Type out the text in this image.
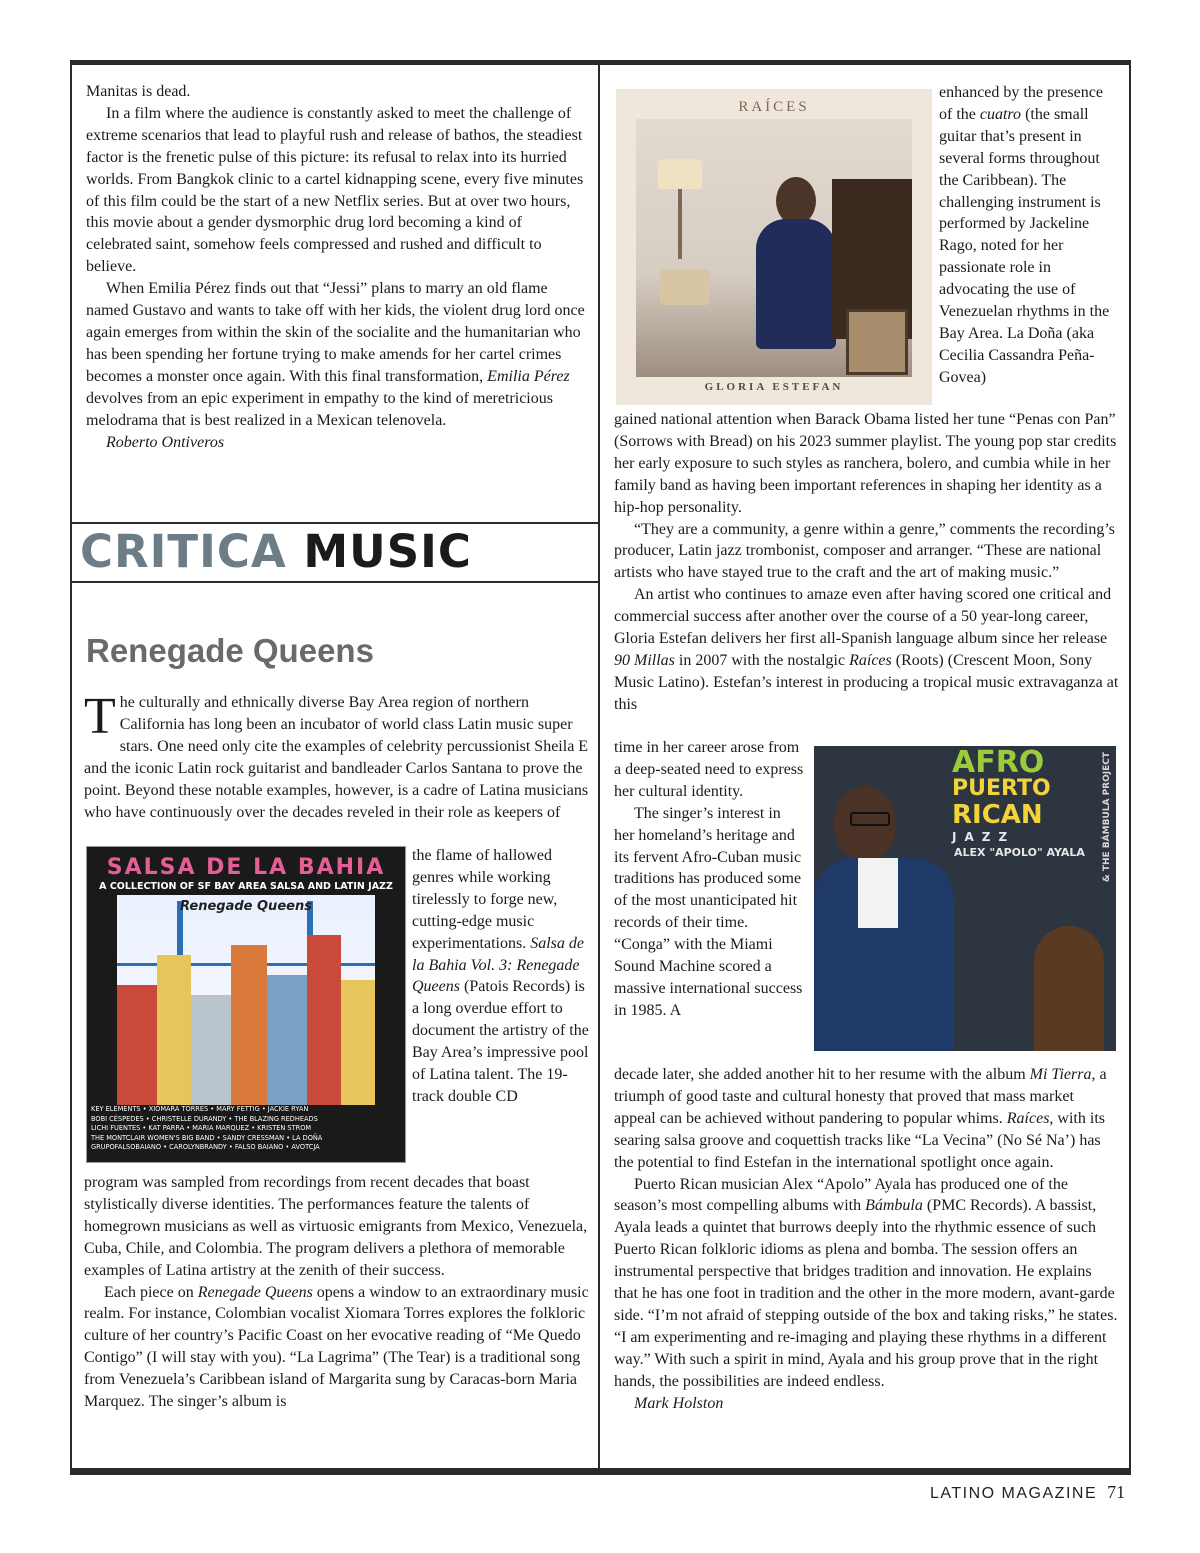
Manitas is dead.

In a film where the audience is constantly asked to meet the challenge of extreme scenarios that lead to playful rush and release of bathos, the steadiest factor is the frenetic pulse of this picture: its refusal to relax into its hurried worlds. From Bangkok clinic to a cartel kidnapping scene, every five minutes of this film could be the start of a new Netflix series. But at over two hours, this movie about a gender dysmorphic drug lord becoming a kind of celebrated saint, somehow feels compressed and rushed and difficult to believe.

When Emilia Pérez finds out that “Jessi” plans to marry an old flame named Gustavo and wants to take off with her kids, the violent drug lord once again emerges from within the skin of the socialite and the humanitarian who has been spending her fortune trying to make amends for her cartel crimes becomes a monster once again. With this final transformation, Emilia Pérez devolves from an epic experiment in empathy to the kind of meretricious melodrama that is best realized in a Mexican telenovela.

Roberto Ontiveros

CRITICA MUSIC
Renegade Queens

The culturally and ethnically diverse Bay Area region of northern California has long been an incubator of world class Latin music super stars. One need only cite the examples of celebrity percussionist Sheila E and the iconic Latin rock guitarist and bandleader Carlos Santana to prove the point. Beyond these notable examples, however, is a cadre of Latina musicians who have continuously over the decades reveled in their role as keepers of

SALSA DE LA BAHIA
A COLLECTION OF SF BAY AREA SALSA AND LATIN JAZZ
Renegade Queens
KEY ELEMENTS • XIOMARA TORRES • MARY FETTIG • JACKIE RYAN
BOBI CÉSPEDES • CHRISTELLE DURANDY • THE BLAZING REDHEADS
LICHI FUENTES • KAT PARRA • MARIA MARQUEZ • KRISTEN STROM
THE MONTCLAIR WOMEN'S BIG BAND • SANDY CRESSMAN • LA DOÑA
GRUPOFALSOBAIANO • CAROLYNBRANDY • FALSO BAIANO • AVOTCJA

the flame of hallowed genres while working tirelessly to forge new, cutting-edge music experimentations. Salsa de la Bahia Vol. 3: Renegade Queens (Patois Records) is a long overdue effort to document the artistry of the Bay Area’s impressive pool of Latina talent. The 19-track double CD

program was sampled from recordings from recent decades that boast stylistically diverse identities. The performances feature the talents of homegrown musicians as well as virtuosic emigrants from Mexico, Venezuela, Cuba, Chile, and Colombia. The program delivers a plethora of memorable examples of Latina artistry at the zenith of their success.

Each piece on Renegade Queens opens a window to an extraordinary music realm. For instance, Colombian vocalist Xiomara Torres explores the folkloric culture of her country’s Pacific Coast on her evocative reading of “Me Quedo Contigo” (I will stay with you). “La Lagrima” (The Tear) is a traditional song from Venezuela’s Caribbean island of Margarita sung by Caracas-born Maria Marquez. The singer’s album is

RAÍCES
GLORIA ESTEFAN

enhanced by the presence of the cuatro (the small guitar that’s present in several forms throughout the Caribbean). The challenging instrument is performed by Jackeline Rago, noted for her passionate role in advocating the use of Venezuelan rhythms in the Bay Area. La Doña (aka Cecilia Cassandra Peña-Govea)

gained national attention when Barack Obama listed her tune “Penas con Pan” (Sorrows with Bread) on his 2023 summer playlist. The young pop star credits her early exposure to such styles as ranchera, bolero, and cumbia while in her family band as having been important references in shaping her identity as a hip-hop personality.

“They are a community, a genre within a genre,” comments the recording’s producer, Latin jazz trombonist, composer and arranger. “These are national artists who have stayed true to the craft and the art of making music.”

An artist who continues to amaze even after having scored one critical and commercial success after another over the course of a 50 year-long career, Gloria Estefan delivers her first all-Spanish language album since her release 90 Millas in 2007 with the nostalgic Raíces (Roots) (Crescent Moon, Sony Music Latino). Estefan’s interest in producing a tropical music extravaganza at this

AFRO
PUERTO
RICAN
JAZZ
ALEX "APOLO" AYALA & THE BÁMBULA PROJECT

time in her career arose from a deep-seated need to express her cultural identity.

The singer’s interest in her homeland’s heritage and its fervent Afro-Cuban music traditions has produced some of the most unanticipated hit records of their time. “Conga” with the Miami Sound Machine scored a massive international success in 1985. A

decade later, she added another hit to her resume with the album Mi Tierra, a triumph of good taste and cultural honesty that proved that mass market appeal can be achieved without pandering to popular whims. Raíces, with its searing salsa groove and coquettish tracks like “La Vecina” (No Sé Na’) has the potential to find Estefan in the international spotlight once again.

Puerto Rican musician Alex “Apolo” Ayala has produced one of the season’s most compelling albums with Bámbula (PMC Records). A bassist, Ayala leads a quintet that burrows deeply into the rhythmic essence of such Puerto Rican folkloric idioms as plena and bomba. The session offers an instrumental perspective that bridges tradition and innovation. He explains that he has one foot in tradition and the other in the more modern, avant-garde side. “I’m not afraid of stepping outside of the box and taking risks,” he states. “I am experimenting and re-imaging and playing these rhythms in a different way.” With such a spirit in mind, Ayala and his group prove that in the right hands, the possibilities are indeed endless.

Mark Holston

LATINO MAGAZINE 71
